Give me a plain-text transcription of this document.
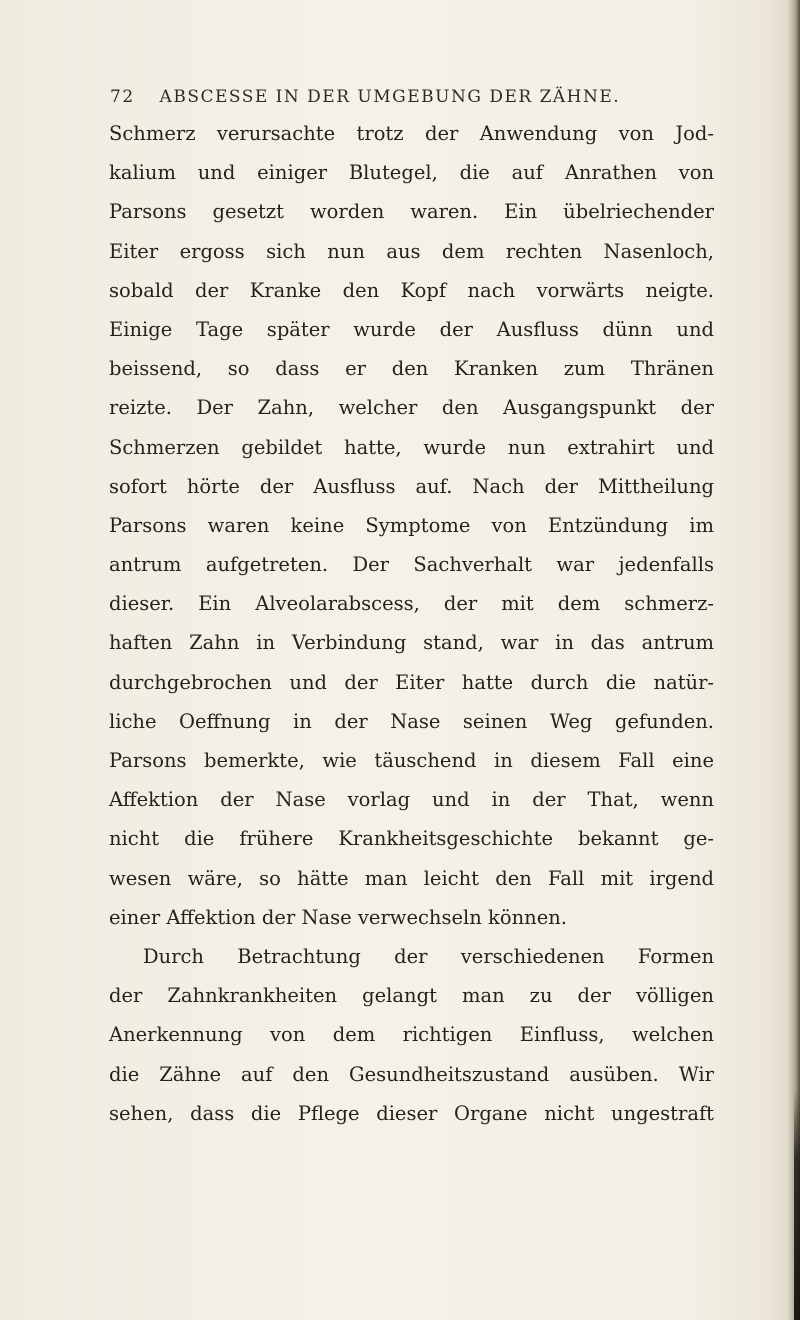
72 ABSCESSE IN DER UMGEBUNG DER ZÄHNE.
Schmerz verursachte trotz der Anwendung von Jod-
kalium und einiger Blutegel, die auf Anrathen von
Parsons gesetzt worden waren. Ein übelriechender
Eiter ergoss sich nun aus dem rechten Nasenloch,
sobald der Kranke den Kopf nach vorwärts neigte.
Einige Tage später wurde der Ausfluss dünn und
beissend, so dass er den Kranken zum Thränen
reizte. Der Zahn, welcher den Ausgangspunkt der
Schmerzen gebildet hatte, wurde nun extrahirt und
sofort hörte der Ausfluss auf. Nach der Mittheilung
Parsons waren keine Symptome von Entzündung im
antrum aufgetreten. Der Sachverhalt war jedenfalls
dieser. Ein Alveolarabscess, der mit dem schmerz-
haften Zahn in Verbindung stand, war in das antrum
durchgebrochen und der Eiter hatte durch die natür-
liche Oeffnung in der Nase seinen Weg gefunden.
Parsons bemerkte, wie täuschend in diesem Fall eine
Affektion der Nase vorlag und in der That, wenn
nicht die frühere Krankheitsgeschichte bekannt ge-
wesen wäre, so hätte man leicht den Fall mit irgend
einer Affektion der Nase verwechseln können.
Durch Betrachtung der verschiedenen Formen
der Zahnkrankheiten gelangt man zu der völligen
Anerkennung von dem richtigen Einfluss, welchen
die Zähne auf den Gesundheitszustand ausüben. Wir
sehen, dass die Pflege dieser Organe nicht ungestraft
